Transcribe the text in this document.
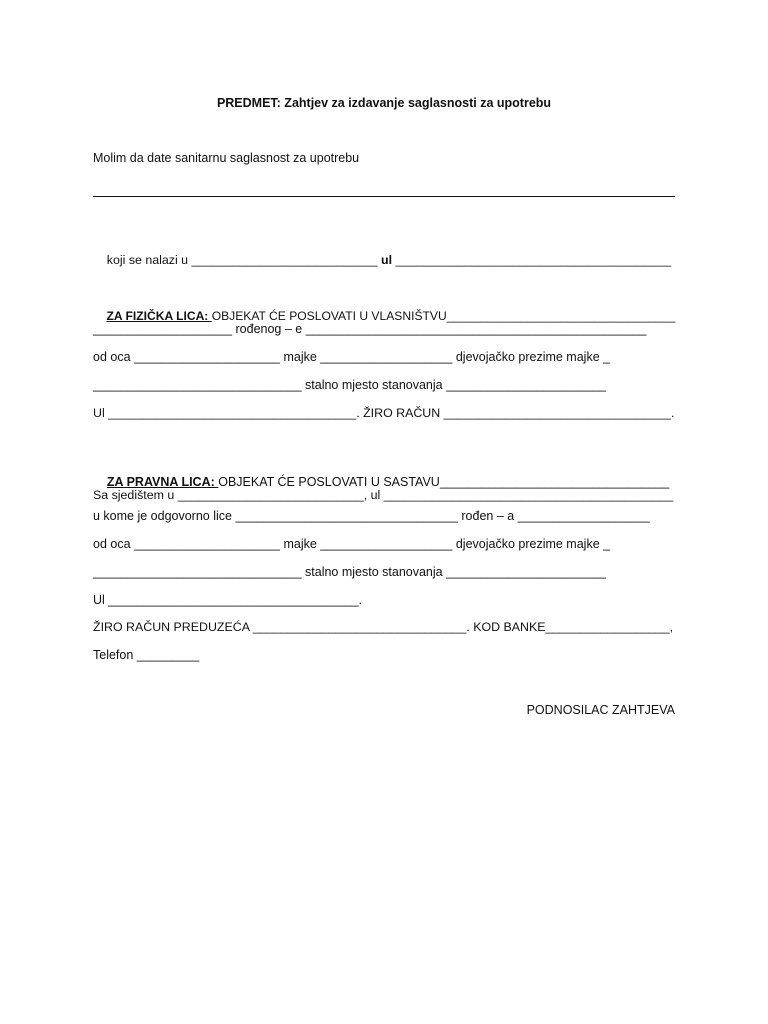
PREDMET: Zahtjev za izdavanje saglasnosti za upotrebu
Molim da date sanitarnu saglasnost za upotrebu

koji se nalazi u ___________________________ ul ________________________________________

ZA FIZIČKA LICA: OBJEKAT ĆE POSLOVATI U VLASNIŠTVU__________________________________

____________________ rođenog – e _________________________________________________
od oca _____________________ majke ___________________ djevojačko prezime majke _
______________________________ stalno mjesto stanovanja _______________________
Ul ____________________________________. ŽIRO RAČUN _________________________________.

ZA PRAVNA LICA: OBJEKAT ĆE POSLOVATI U SASTAVU_________________________________

Sa sjedištem u ___________________________, ul __________________________________________
u kome je odgovorno lice ________________________________ rođen – a ___________________
od oca _____________________ majke ___________________ djevojačko prezime majke _
______________________________ stalno mjesto stanovanja _______________________
Ul ____________________________________.
ŽIRO RAČUN PREDUZEĆA _______________________________. KOD BANKE__________________,
Telefon _________
PODNOSILAC ZAHTJEVA
